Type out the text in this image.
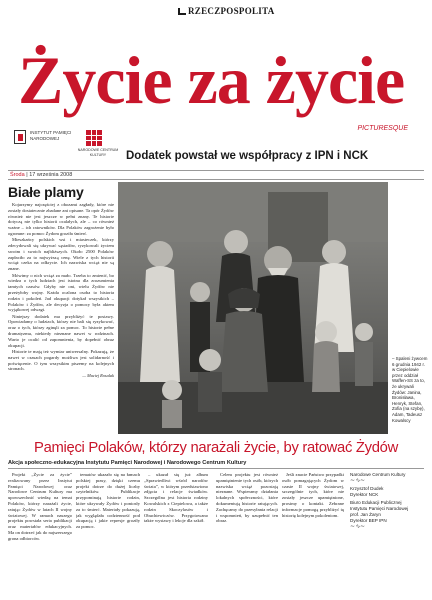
RZECZPOSPOLITA
Życie za życie
PICTURESQUE
INSTYTUT PAMIĘCI NARODOWEJ
NARODOWE CENTRUM KULTURY	Dodatek powstał we współpracy z IPN i NCK
Środa | 17 września 2008
Białe plamy

Kojarzymy najczęściej z obozami zagłady, które nie zostały dostatecznie zbadane ani opisane. Ta opór Żydów również nie jest jeszcze w pełni znany. Te historie dotyczą nie tylko historii ocalałych, ale – co również ważne – ich ratowników. Dla Polaków zagrożenie było ogromne: za pomoc Żydom groziła śmierć.

Mieszkańcy polskich wsi i miasteczek, którzy zdecydowali się ukrywać sąsiadów, ryzykowali życiem swoim i swoich najbliższych. Około 2500 Polaków zapłaciło za to najwyższą cenę. Wiele z tych historii wciąż czeka na odkrycie. Ich nazwiska wciąż nie są znane.

Mówimy o nich wciąż za mało. Trzeba to zmienić, bo wiedza o tych ludziach jest istotna dla zrozumienia tamtych czasów. Gdyby nie oni, wielu Żydów nie przeżyłoby wojny. Każda ocalona osoba to historia rodzin i pokoleń. Jad okupacji dotykał wszystkich – Polaków i Żydów, ale decyzja o pomocy była aktem wyjątkowej odwagi.

Niniejszy dodatek ma przybliżyć te postawy. Opowiadamy o ludziach, którzy nie bali się ryzykować, oraz o tych, którzy zginęli za pomoc. To historie pełne dramatyzmu, niekiedy nieznane nawet w rodzinach. Warto je ocalić od zapomnienia, by dopełnić obraz okupacji.

Historie te mają też wymiar uniwersalny. Pokazują, że nawet w czasach pogardy możliwa jest solidarność i poświęcenie. O tym wszystkim piszemy na kolejnych stronach.

— Maciej Rosalak

– Spaleni żywcem 6 grudnia 1942 r. w Ciepielowie przez oddział Waffen-SS za to, że ukrywali Żydów: Janina, Bronisława, Henryk, Stefan, Zofia (na szybę), Adam, Tadeusz Kowalscy
Pamięci Polaków, którzy narażali życie, by ratować Żydów
Akcja społeczno-edukacyjna Instytutu Pamięci Narodowej i Narodowego Centrum Kultury

Projekt „Życie za życie” realizowany przez Instytut Pamięci Narodowej oraz Narodowe Centrum Kultury ma upowszechnić wiedzę na temat Polaków, którzy narażali życie, ratując Żydów w latach II wojny światowej. W ramach naszego projektu powstała seria publikacji oraz materiałów edukacyjnych. Ma on dotrzeć jak do najszerszego grona odbiorców.

tematów ukazało się na łamach polskiej prasy, dzięki czemu projekt dotrze do dużej liczby czytelników. Publikacje przypominają historie rodzin, które ukrywały Żydów i poniosły za to śmierć. Materiały pokazują, jak wyglądała codzienność pod okupacją i jakie represje groziły za pomoc.

– ukazał się już album „Sprawiedliwi wśród narodów świata”, w którym przedstawiono zdjęcia i relacje świadków. Szczególna jest historia rodziny Kowalskich z Ciepielowa, a także rodzin Skoczylasów i Obuchiewiczów. Przygotowano także wystawy i lekcje dla szkół.

Celem projektu jest również upamiętnienie tych osób, których nazwiska wciąż pozostają nieznane. Wspieramy działania lokalnych społeczności, które dokumentują historie ratujących. Zachęcamy do przesyłania relacji i wspomnień, by uzupełnić ten obraz.

Jeśli znacie Państwo przypadki osób pomagających Żydom w czasie II wojny światowej, szczególnie tych, które nie zostały jeszcze upamiętnione, prosimy o kontakt. Zebrane informacje pomogą przybliżyć tę historię kolejnym pokoleniom.

Narodowe Centrum Kultury
~∿~
Krzysztof Dudek
Dyrektor NCK
Biuro Edukacji Publicznej
Instytutu Pamięci Narodowej
prof. Jan Żaryn
Dyrektor BEP IPN
~∿~
